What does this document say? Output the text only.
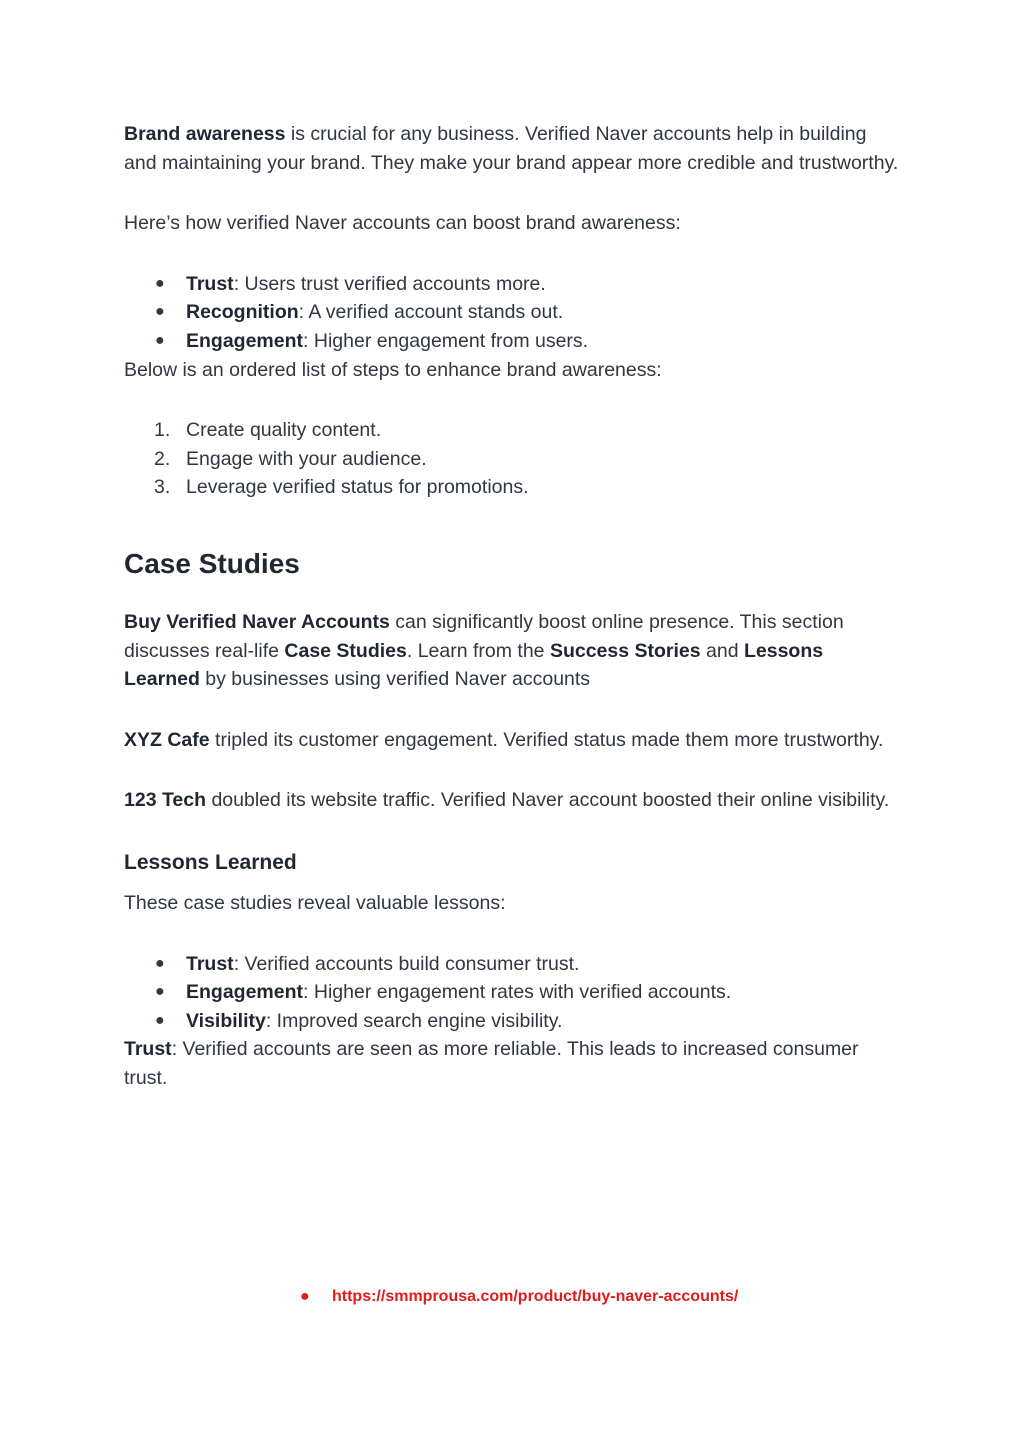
Brand awareness is crucial for any business. Verified Naver accounts help in building and maintaining your brand. They make your brand appear more credible and trustworthy.

Here’s how verified Naver accounts can boost brand awareness:

●	Trust: Users trust verified accounts more.
●	Recognition: A verified account stands out.
●	Engagement: Higher engagement from users.

Below is an ordered list of steps to enhance brand awareness:

1. Create quality content.
2. Engage with your audience.
3. Leverage verified status for promotions.
Case Studies

Buy Verified Naver Accounts can significantly boost online presence. This section discusses real-life Case Studies. Learn from the Success Stories and Lessons Learned by businesses using verified Naver accounts

XYZ Cafe tripled its customer engagement. Verified status made them more trustworthy.

123 Tech doubled its website traffic. Verified Naver account boosted their online visibility.

Lessons Learned

These case studies reveal valuable lessons:

●	Trust: Verified accounts build consumer trust.
●	Engagement: Higher engagement rates with verified accounts.
●	Visibility: Improved search engine visibility.

Trust: Verified accounts are seen as more reliable. This leads to increased consumer trust.

● https://smmprousa.com/product/buy-naver-accounts/
